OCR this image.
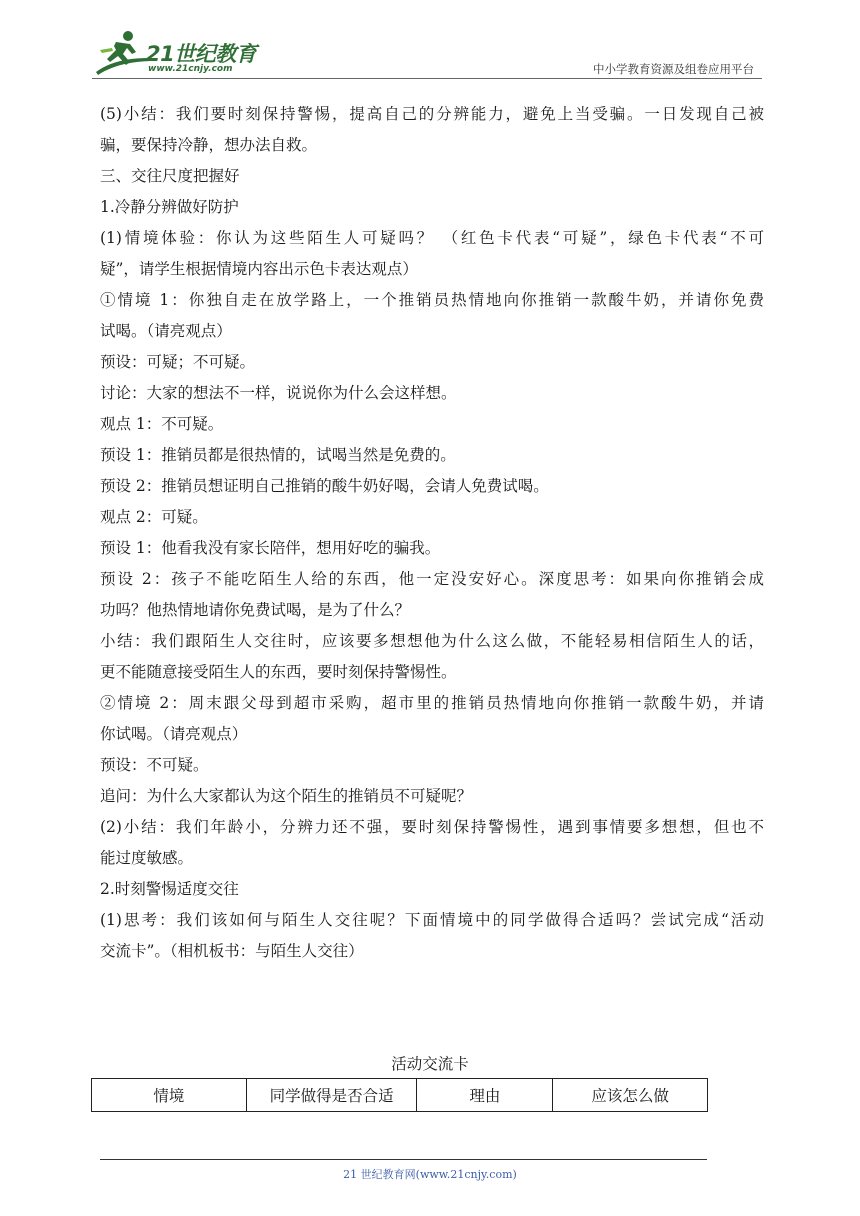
21世纪教育
www.21cnjy.com	中小学教育资源及组卷应用平台
(5)小结：我们要时刻保持警惕，提高自己的分辨能力，避免上当受骗。一日发现自己被
骗，要保持冷静，想办法自救。
三、交往尺度把握好
1.冷静分辨做好防护
(1)情境体验：你认为这些陌生人可疑吗？ （红色卡代表“可疑”，绿色卡代表“不可
疑”，请学生根据情境内容出示色卡表达观点）
①情境 1：你独自走在放学路上，一个推销员热情地向你推销一款酸牛奶，并请你免费
试喝。（请亮观点）
预设：可疑；不可疑。
讨论：大家的想法不一样，说说你为什么会这样想。
观点 1：不可疑。
预设 1：推销员都是很热情的，试喝当然是免费的。
预设 2：推销员想证明自己推销的酸牛奶好喝，会请人免费试喝。
观点 2：可疑。
预设 1：他看我没有家长陪伴，想用好吃的骗我。
预设 2：孩子不能吃陌生人给的东西，他一定没安好心。深度思考：如果向你推销会成
功吗？他热情地请你免费试喝，是为了什么？
小结：我们跟陌生人交往时，应该要多想想他为什么这么做，不能轻易相信陌生人的话，
更不能随意接受陌生人的东西，要时刻保持警惕性。
②情境 2：周末跟父母到超市采购，超市里的推销员热情地向你推销一款酸牛奶，并请
你试喝。（请亮观点）
预设：不可疑。
追问：为什么大家都认为这个陌生的推销员不可疑呢？
(2)小结：我们年龄小，分辨力还不强，要时刻保持警惕性，遇到事情要多想想，但也不
能过度敏感。
2.时刻警惕适度交往
(1)思考：我们该如何与陌生人交往呢？下面情境中的同学做得合适吗？尝试完成“活动
交流卡”。（相机板书：与陌生人交往）
活动交流卡
情境	同学做得是否合适	理由	应该怎么做
21 世纪教育网(www.21cnjy.com)
